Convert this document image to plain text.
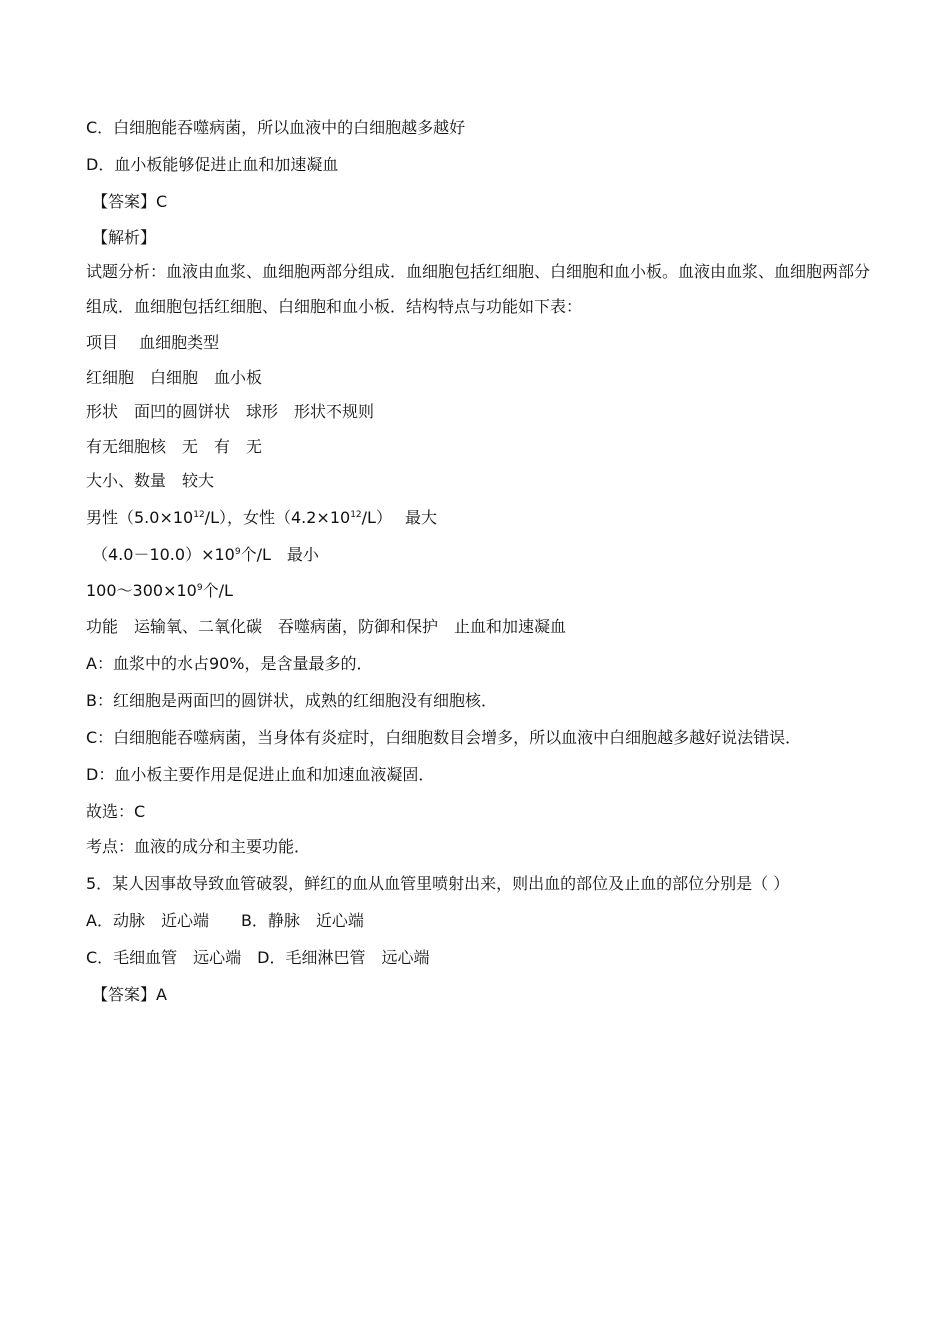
C．白细胞能吞噬病菌，所以血液中的白细胞越多越好
D．血小板能够促进止血和加速凝血
【答案】C
【解析】
试题分析：血液由血浆、血细胞两部分组成．血细胞包括红细胞、白细胞和血小板。血液由血浆、血细胞两部分组成．血细胞包括红细胞、白细胞和血小板．结构特点与功能如下表：
项目　 血细胞类型
红细胞　白细胞　血小板
形状　面凹的圆饼状　球形　形状不规则
有无细胞核　无　有　无
大小、数量　较大
男性$(5.0\times 10^{12}/L)$，女性$(4.2\times 10^{12}/L)$　 最大
$(4.0-10.0)\times 10^9$个/L　最小
$100\sim 300\times 10^9$个/L
功能　运输氧、二氧化碳　吞噬病菌，防御和保护　止血和加速凝血
A：血浆中的水占90%，是含量最多的．
B：红细胞是两面凹的圆饼状，成熟的红细胞没有细胞核．
C：白细胞能吞噬病菌，当身体有炎症时，白细胞数目会增多，所以血液中白细胞越多越好说法错误．
D：血小板主要作用是促进止血和加速血液凝固．
故选：C
考点：血液的成分和主要功能．
5．某人因事故导致血管破裂，鲜红的血从血管里喷射出来，则出血的部位及止血的部位分别是（ ）
A．动脉　近心端　　B．静脉　近心端
C．毛细血管　远心端　D．毛细淋巴管　远心端
【答案】A
